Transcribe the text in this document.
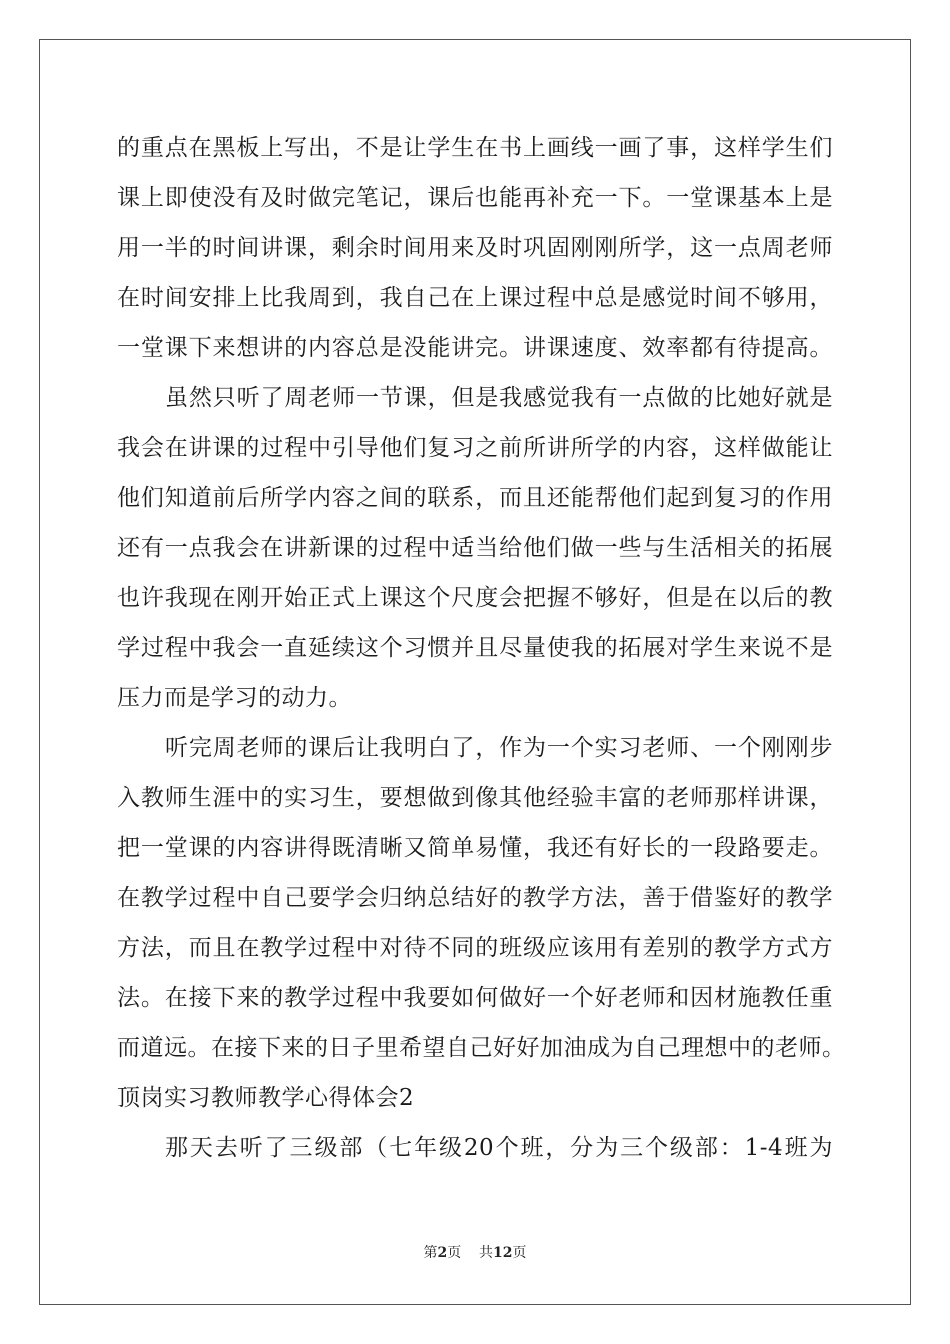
的重点在黑板上写出，不是让学生在书上画线一画了事，这样学生们
课上即使没有及时做完笔记，课后也能再补充一下。一堂课基本上是
用一半的时间讲课，剩余时间用来及时巩固刚刚所学，这一点周老师
在时间安排上比我周到，我自己在上课过程中总是感觉时间不够用，
一堂课下来想讲的内容总是没能讲完。讲课速度、效率都有待提高。
虽然只听了周老师一节课，但是我感觉我有一点做的比她好就是
我会在讲课的过程中引导他们复习之前所讲所学的内容，这样做能让
他们知道前后所学内容之间的联系，而且还能帮他们起到复习的作用
还有一点我会在讲新课的过程中适当给他们做一些与生活相关的拓展
也许我现在刚开始正式上课这个尺度会把握不够好，但是在以后的教
学过程中我会一直延续这个习惯并且尽量使我的拓展对学生来说不是
压力而是学习的动力。
听完周老师的课后让我明白了，作为一个实习老师、一个刚刚步
入教师生涯中的实习生，要想做到像其他经验丰富的老师那样讲课，
把一堂课的内容讲得既清晰又简单易懂，我还有好长的一段路要走。
在教学过程中自己要学会归纳总结好的教学方法，善于借鉴好的教学
方法，而且在教学过程中对待不同的班级应该用有差别的教学方式方
法。在接下来的教学过程中我要如何做好一个好老师和因材施教任重
而道远。在接下来的日子里希望自己好好加油成为自己理想中的老师。
顶岗实习教师教学心得体会2
那天去听了三级部（七年级20个班，分为三个级部：1-4班为
第2页 共12页
